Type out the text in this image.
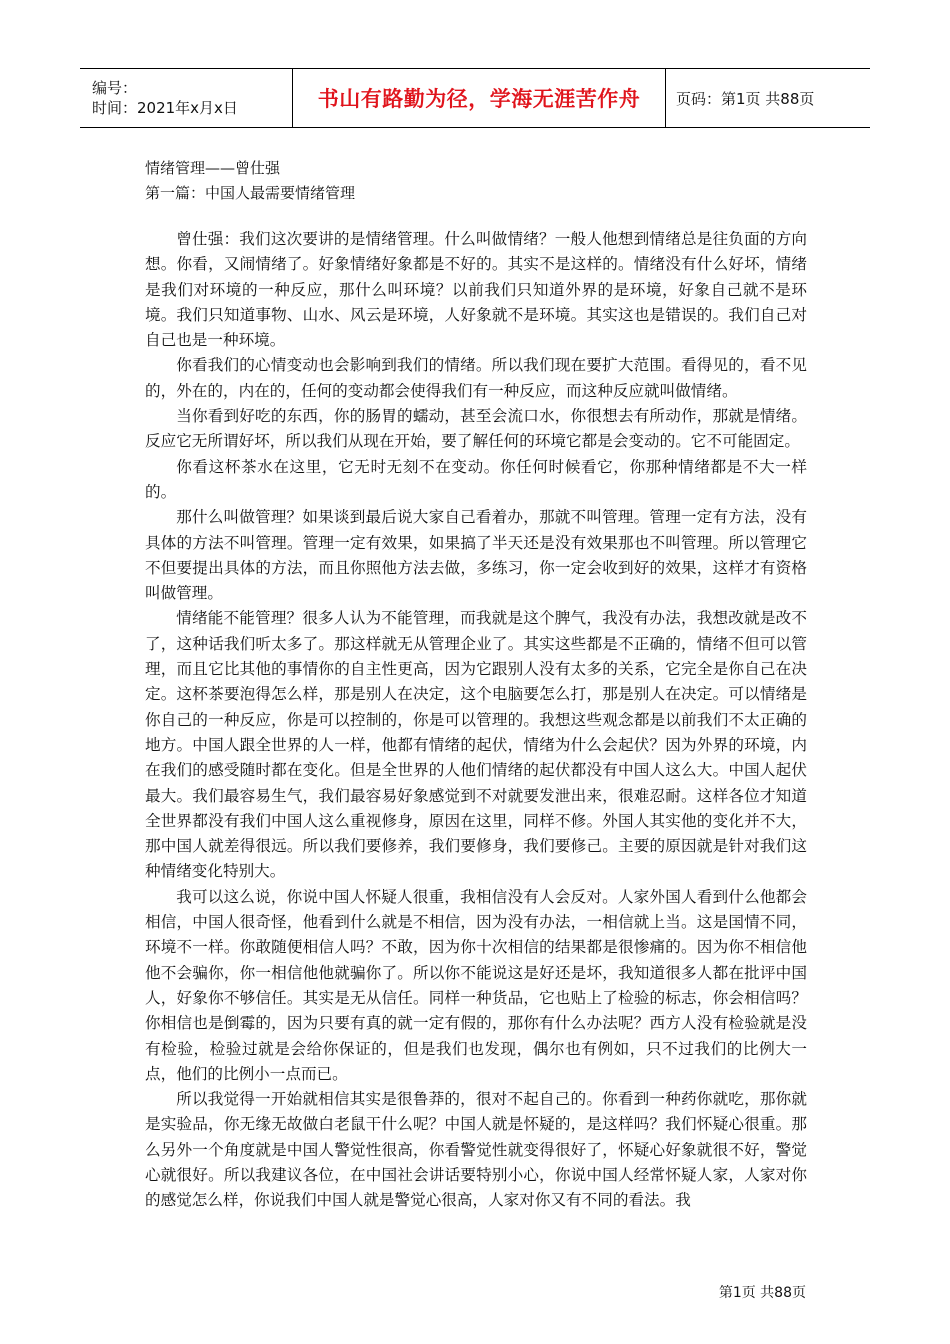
编号：
时间：2021年x月x日	书山有路勤为径，学海无涯苦作舟 页码：第1页 共88页

情绪管理——曾仕强

第一篇：中国人最需要情绪管理

曾仕强：我们这次要讲的是情绪管理。什么叫做情绪？一般人他想到情绪总是往负面的方向想。你看，又闹情绪了。好象情绪好象都是不好的。其实不是这样的。情绪没有什么好坏，情绪是我们对环境的一种反应，那什么叫环境？以前我们只知道外界的是环境，好象自己就不是环境。我们只知道事物、山水、风云是环境，人好象就不是环境。其实这也是错误的。我们自己对自己也是一种环境。

你看我们的心情变动也会影响到我们的情绪。所以我们现在要扩大范围。看得见的，看不见的，外在的，内在的，任何的变动都会使得我们有一种反应，而这种反应就叫做情绪。

当你看到好吃的东西，你的肠胃的蠕动，甚至会流口水，你很想去有所动作，那就是情绪。反应它无所谓好坏，所以我们从现在开始，要了解任何的环境它都是会变动的。它不可能固定。

你看这杯茶水在这里，它无时无刻不在变动。你任何时候看它，你那种情绪都是不大一样的。

那什么叫做管理？如果谈到最后说大家自己看着办，那就不叫管理。管理一定有方法，没有具体的方法不叫管理。管理一定有效果，如果搞了半天还是没有效果那也不叫管理。所以管理它不但要提出具体的方法，而且你照他方法去做，多练习，你一定会收到好的效果，这样才有资格叫做管理。

情绪能不能管理？很多人认为不能管理，而我就是这个脾气，我没有办法，我想改就是改不了，这种话我们听太多了。那这样就无从管理企业了。其实这些都是不正确的，情绪不但可以管理，而且它比其他的事情你的自主性更高，因为它跟别人没有太多的关系，它完全是你自己在决定。这杯茶要泡得怎么样，那是别人在决定，这个电脑要怎么打，那是别人在决定。可以情绪是你自己的一种反应，你是可以控制的，你是可以管理的。我想这些观念都是以前我们不太正确的地方。中国人跟全世界的人一样，他都有情绪的起伏，情绪为什么会起伏？因为外界的环境，内在我们的感受随时都在变化。但是全世界的人他们情绪的起伏都没有中国人这么大。中国人起伏最大。我们最容易生气，我们最容易好象感觉到不对就要发泄出来，很难忍耐。这样各位才知道全世界都没有我们中国人这么重视修身，原因在这里，同样不修。外国人其实他的变化并不大，那中国人就差得很远。所以我们要修养，我们要修身，我们要修己。主要的原因就是针对我们这种情绪变化特别大。

我可以这么说，你说中国人怀疑人很重，我相信没有人会反对。人家外国人看到什么他都会相信，中国人很奇怪，他看到什么就是不相信，因为没有办法，一相信就上当。这是国情不同，环境不一样。你敢随便相信人吗？不敢，因为你十次相信的结果都是很惨痛的。因为你不相信他他不会骗你，你一相信他他就骗你了。所以你不能说这是好还是坏，我知道很多人都在批评中国人，好象你不够信任。其实是无从信任。同样一种货品，它也贴上了检验的标志，你会相信吗？你相信也是倒霉的，因为只要有真的就一定有假的，那你有什么办法呢？西方人没有检验就是没有检验，检验过就是会给你保证的，但是我们也发现，偶尔也有例如，只不过我们的比例大一点，他们的比例小一点而已。

所以我觉得一开始就相信其实是很鲁莽的，很对不起自己的。你看到一种药你就吃，那你就是实验品，你无缘无故做白老鼠干什么呢？中国人就是怀疑的，是这样吗？我们怀疑心很重。那么另外一个角度就是中国人警觉性很高，你看警觉性就变得很好了，怀疑心好象就很不好，警觉心就很好。所以我建议各位，在中国社会讲话要特别小心，你说中国人经常怀疑人家，人家对你的感觉怎么样，你说我们中国人就是警觉心很高，人家对你又有不同的看法。我

第1页 共88页
